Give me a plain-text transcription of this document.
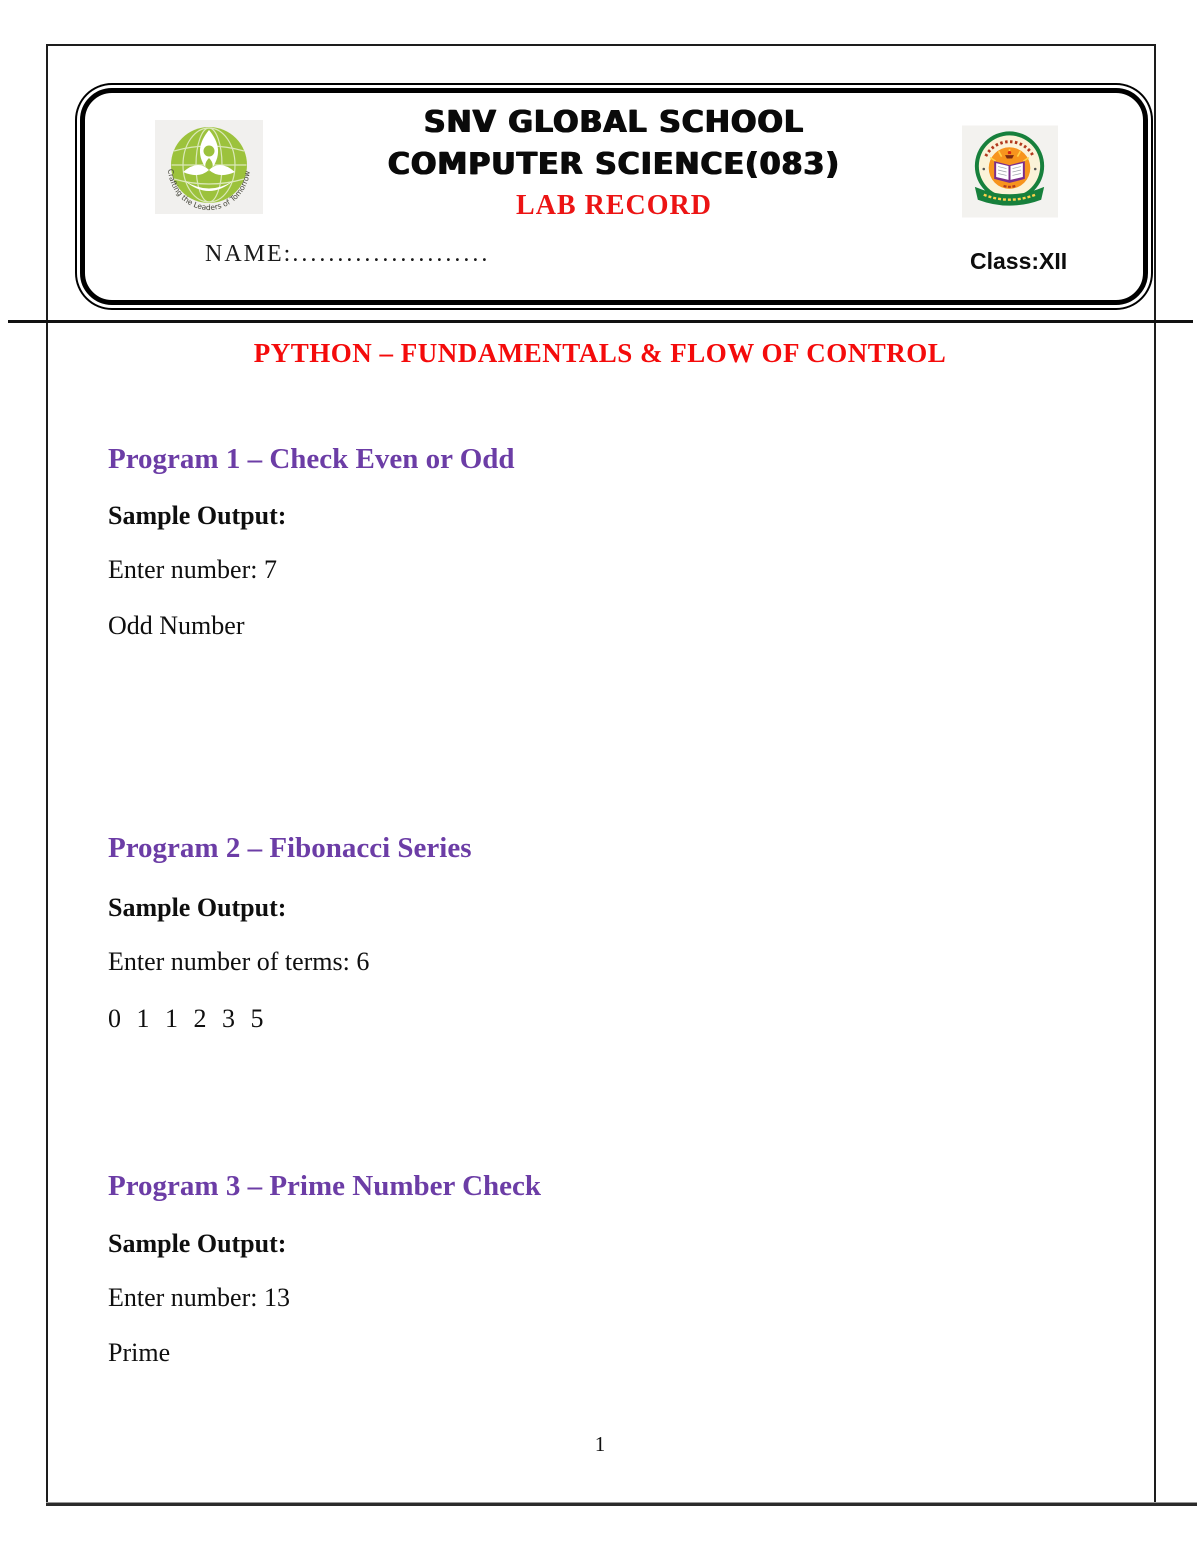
Crafting the Leaders of Tomorrow
SNV GLOBAL SCHOOL
COMPUTER SCIENCE(083)
LAB RECORD
NAME:......................	Class:XII
PYTHON – FUNDAMENTALS & FLOW OF CONTROL
Program 1 – Check Even or Odd
Sample Output:
Enter number: 7
Odd Number
Program 2 – Fibonacci Series
Sample Output:
Enter number of terms: 6
0 1 1 2 3 5
Program 3 – Prime Number Check
Sample Output:
Enter number: 13
Prime
1
